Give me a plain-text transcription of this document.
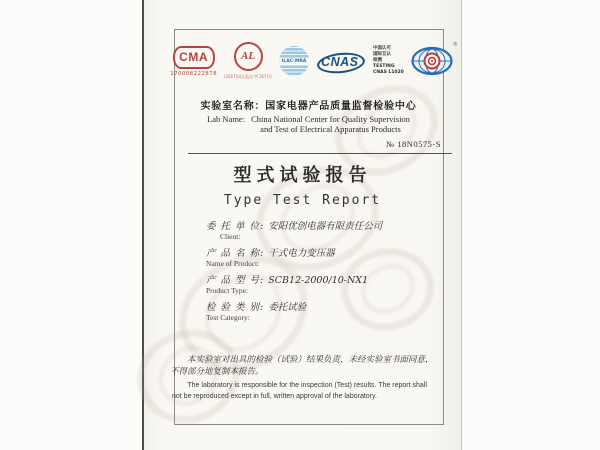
CMA
170008222878
AL
(2017)国认监认字(167)号
ILAC-MRA CNAS
中国认可
国际互认
检测
TESTING
CNAS L1020
®
实验室名称：国家电器产品质量监督检验中心
Lab Name: China National Center for Quality Supervision
and Test of Electrical Apparatus Products
№ 18N0575-S
型式试验报告
Type Test Report
委 托 单 位: 安阳优创电器有限责任公司
Client:
产 品 名 称: 干式电力变压器
Name of Product:
产 品 型 号: SCB12-2000/10-NX1
Product Type:
检 验 类 别: 委托试验
Test Category:
本实验室对出具的检验（试验）结果负责，未经实验室书面同意，
不得部分地复制本报告。
The laboratory is responsible for the inspection (Test) results. The report shall
not be reproduced except in full, written approval of the laboratory.
